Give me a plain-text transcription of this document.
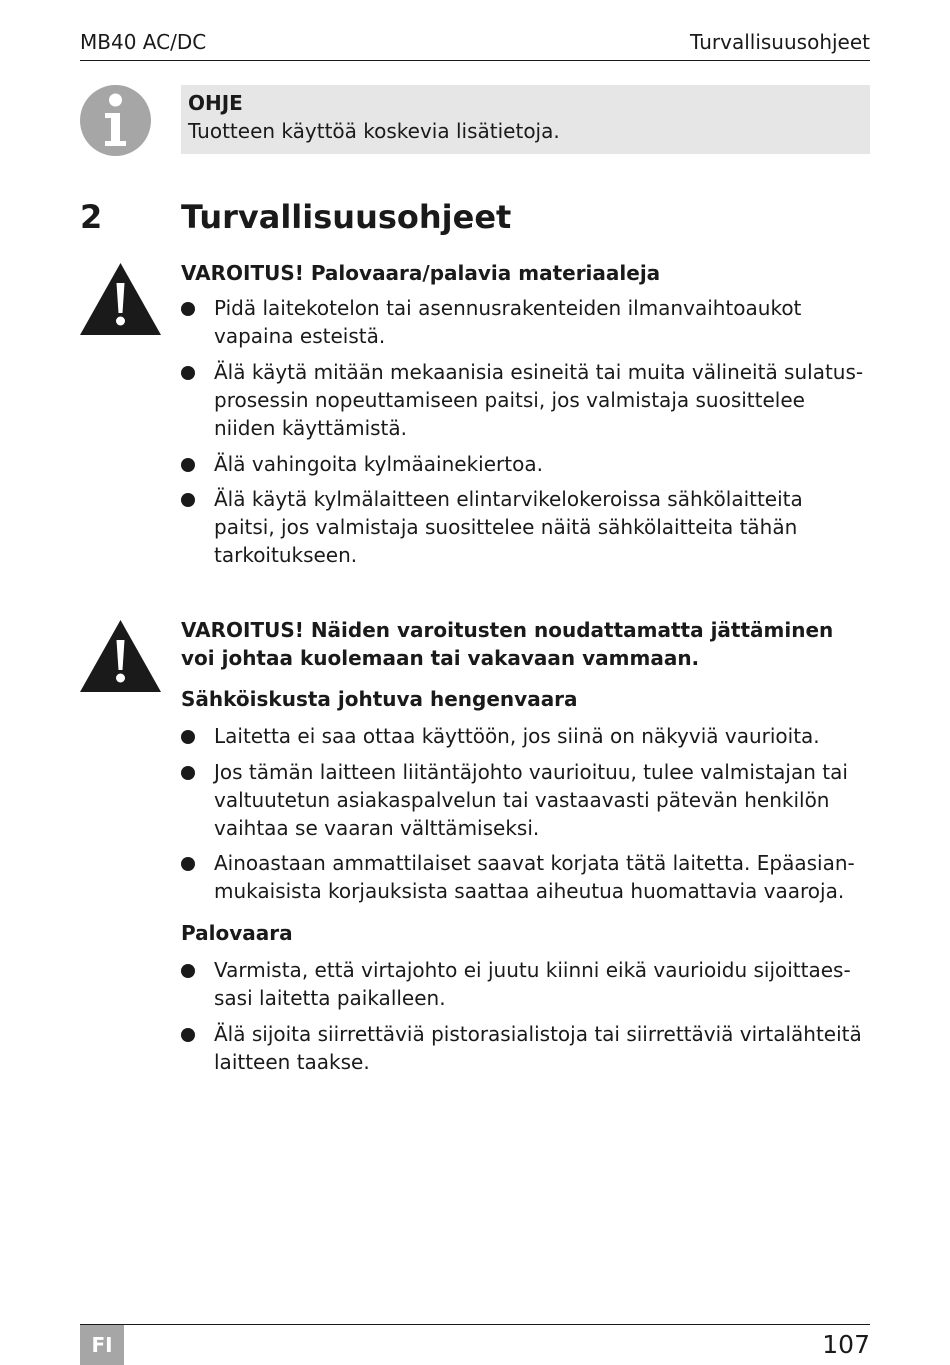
MB40 AC/DC	Turvallisuusohjeet
OHJE
Tuotteen käyttöä koskevia lisätietoja.
2 Turvallisuusohjeet
VAROITUS! Palovaara/palavia materiaaleja
Pidä laitekotelon tai asennusrakenteiden ilmanvaihtoaukot
vapaina esteistä.
Älä käytä mitään mekaanisia esineitä tai muita välineitä sulatus-
prosessin nopeuttamiseen paitsi, jos valmistaja suosittelee
niiden käyttämistä.
Älä vahingoita kylmäainekiertoa.
Älä käytä kylmälaitteen elintarvikelokeroissa sähkölaitteita
paitsi, jos valmistaja suosittelee näitä sähkölaitteita tähän
tarkoitukseen.
VAROITUS! Näiden varoitusten noudattamatta jättäminen voi johtaa kuolemaan tai vakavaan vammaan.
Sähköiskusta johtuva hengenvaara
Laitetta ei saa ottaa käyttöön, jos siinä on näkyviä vaurioita.
Jos tämän laitteen liitäntäjohto vaurioituu, tulee valmistajan tai
valtuutetun asiakaspalvelun tai vastaavasti pätevän henkilön
vaihtaa se vaaran välttämiseksi.
Ainoastaan ammattilaiset saavat korjata tätä laitetta. Epäasian-
mukaisista korjauksista saattaa aiheutua huomattavia vaaroja.
Palovaara
Varmista, että virtajohto ei juutu kiinni eikä vaurioidu sijoittaes-
sasi laitetta paikalleen.
Älä sijoita siirrettäviä pistorasialistoja tai siirrettäviä virtalähteitä
laitteen taakse.
FI	107
